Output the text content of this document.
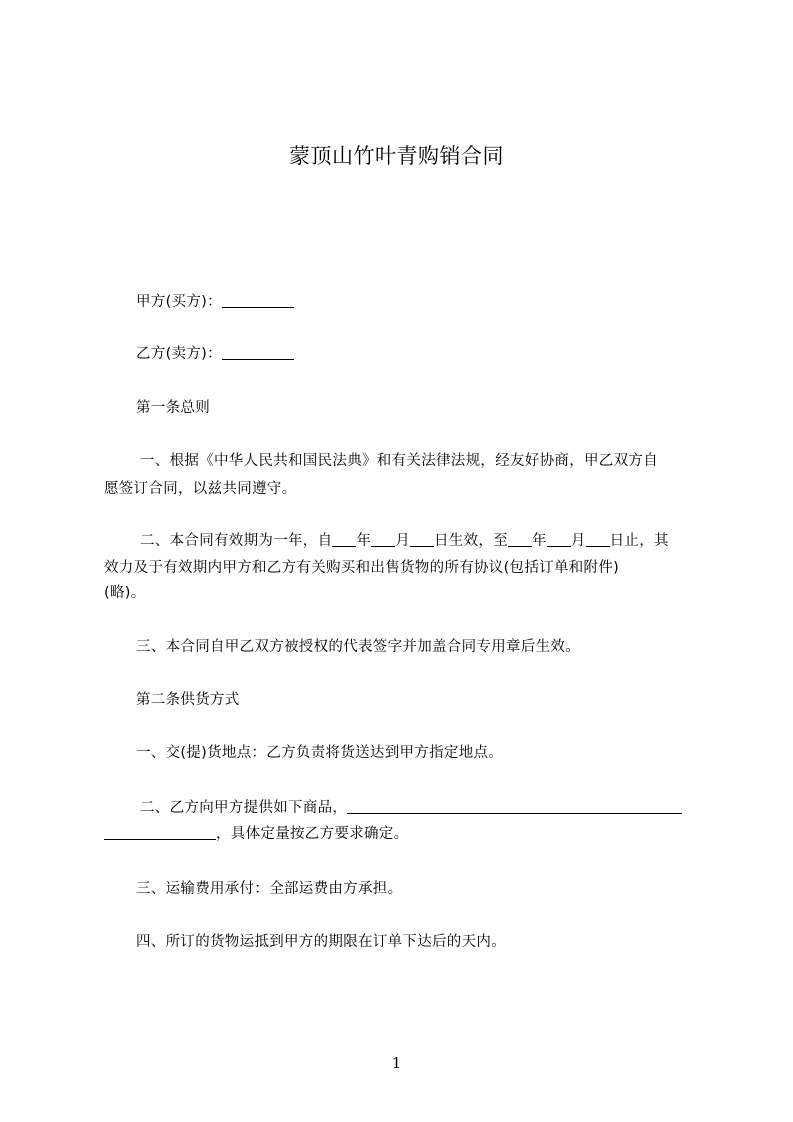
蒙顶山竹叶青购销合同
甲方(买方)：
乙方(卖方)：
第一条总则
一、根据《中华人民共和国民法典》和有关法律法规，经友好协商，甲乙双方自
愿签订合同，以兹共同遵守。
二、本合同有效期为一年，自 年 月 日生效，至 年 月 日止，其
效力及于有效期内甲方和乙方有关购买和出售货物的所有协议(包括订单和附件)
(略)。
三、本合同自甲乙双方被授权的代表签字并加盖合同专用章后生效。
第二条供货方式
一、交(提)货地点：乙方负责将货送达到甲方指定地点。
二、乙方向甲方提供如下商品，
，具体定量按乙方要求确定。
三、运输费用承付：全部运费由方承担。
四、所订的货物运抵到甲方的期限在订单下达后的天内。
1
